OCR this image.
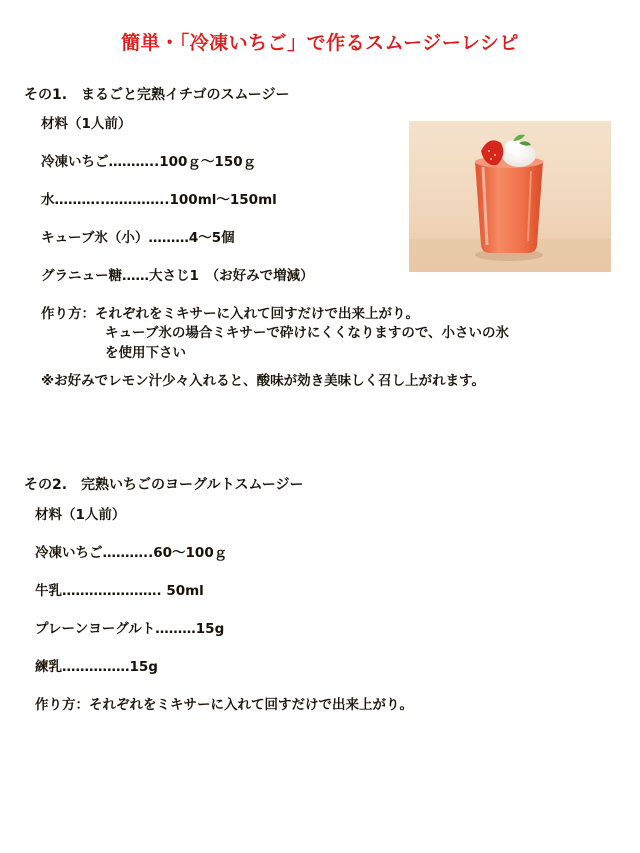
簡単・「冷凍いちご」で作るスムージーレシピ
その1.　まるごと完熟イチゴのスムージー
材料（1人前）
冷凍いちご………..100ｇ～150ｇ
水………..…………..100ml～150ml
キューブ氷（小）………4～5個
グラニュー糖……大さじ1　（お好みで増減）
作り方：それぞれをミキサーに入れて回すだけで出来上がり。
キューブ氷の場合ミキサーで砕けにくくなりますので、小さいの氷
を使用下さい
※お好みでレモン汁少々入れると、酸味が効き美味しく召し上がれます。
その2.　完熟いちごのヨーグルトスムージー
材料（1人前）
冷凍いちご………..60～100ｇ
牛乳…………………. 50ml
プレーンヨーグルト………15g
練乳……………15g
作り方：それぞれをミキサーに入れて回すだけで出来上がり。
